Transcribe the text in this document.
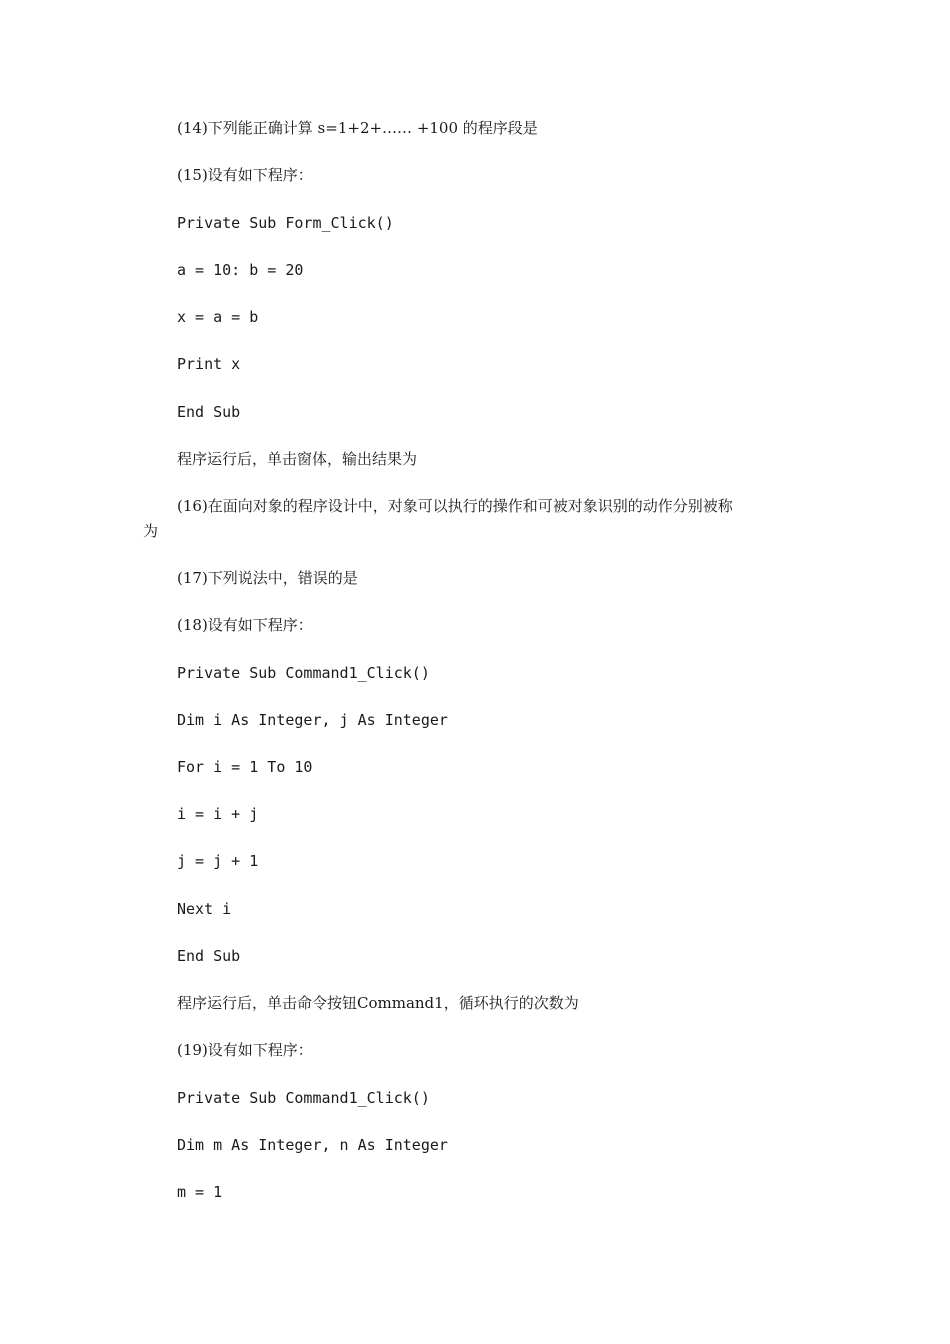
(14)下列能正确计算 s=1+2+…… +100 的程序段是
(15)设有如下程序：
Private Sub Form_Click()
a = 10: b = 20
x = a = b
Print x
End Sub
程序运行后，单击窗体，输出结果为
(16)在面向对象的程序设计中，对象可以执行的操作和可被对象识别的动作分别被称
为
(17)下列说法中，错误的是
(18)设有如下程序：
Private Sub Command1_Click()
Dim i As Integer, j As Integer
For i = 1 To 10
i = i + j
j = j + 1
Next i
End Sub
程序运行后，单击命令按钮Command1，循环执行的次数为
(19)设有如下程序：
Private Sub Command1_Click()
Dim m As Integer, n As Integer
m = 1
